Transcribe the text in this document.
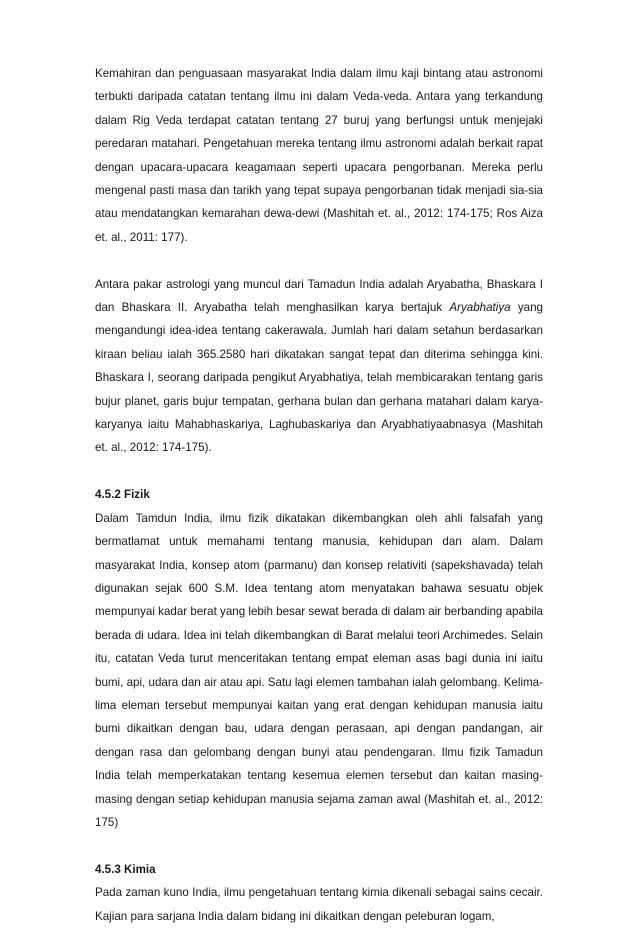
Kemahiran dan penguasaan masyarakat India dalam ilmu kaji bintang atau astronomi terbukti daripada catatan tentang ilmu ini dalam Veda-veda. Antara yang terkandung dalam Rig Veda terdapat catatan tentang 27 buruj yang berfungsi untuk menjejaki peredaran matahari. Pengetahuan mereka tentang ilmu astronomi adalah berkait rapat dengan upacara-upacara keagamaan seperti upacara pengorbanan. Mereka perlu mengenal pasti masa dan tarikh yang tepat supaya pengorbanan tidak menjadi sia-sia atau mendatangkan kemarahan dewa-dewi (Mashitah et. al., 2012: 174-175; Ros Aiza et. al., 2011: 177).

Antara pakar astrologi yang muncul dari Tamadun India adalah Aryabatha, Bhaskara I dan Bhaskara II. Aryabatha telah menghasilkan karya bertajuk Aryabhatiya yang mengandungi idea-idea tentang cakerawala. Jumlah hari dalam setahun berdasarkan kiraan beliau ialah 365.2580 hari dikatakan sangat tepat dan diterima sehingga kini. Bhaskara I, seorang daripada pengikut Aryabhatiya, telah membicarakan tentang garis bujur planet, garis bujur tempatan, gerhana bulan dan gerhana matahari dalam karya-karyanya iaitu Mahabhaskariya, Laghubaskariya dan Aryabhatiyaabnasya (Mashitah et. al., 2012: 174-175).

4.5.2 Fizik

Dalam Tamdun India, ilmu fizik dikatakan dikembangkan oleh ahli falsafah yang bermatlamat untuk memahami tentang manusia, kehidupan dan alam. Dalam masyarakat India, konsep atom (parmanu) dan konsep relativiti (sapekshavada) telah digunakan sejak 600 S.M. Idea tentang atom menyatakan bahawa sesuatu objek mempunyai kadar berat yang lebih besar sewat berada di dalam air berbanding apabila berada di udara. Idea ini telah dikembangkan di Barat melalui teori Archimedes. Selain itu, catatan Veda turut menceritakan tentang empat eleman asas bagi dunia ini iaitu bumi, api, udara dan air atau api. Satu lagi elemen tambahan ialah gelombang. Kelima-lima eleman tersebut mempunyai kaitan yang erat dengan kehidupan manusia iaitu bumi dikaitkan dengan bau, udara dengan perasaan, api dengan pandangan, air dengan rasa dan gelombang dengan bunyi atau pendengaran. Ilmu fizik Tamadun India telah memperkatakan tentang kesemua elemen tersebut dan kaitan masing-masing dengan setiap kehidupan manusia sejama zaman awal (Mashitah et. al., 2012: 175)

4.5.3 Kimia

Pada zaman kuno India, ilmu pengetahuan tentang kimia dikenali sebagai sains cecair. Kajian para sarjana India dalam bidang ini dikaitkan dengan peleburan logam,
